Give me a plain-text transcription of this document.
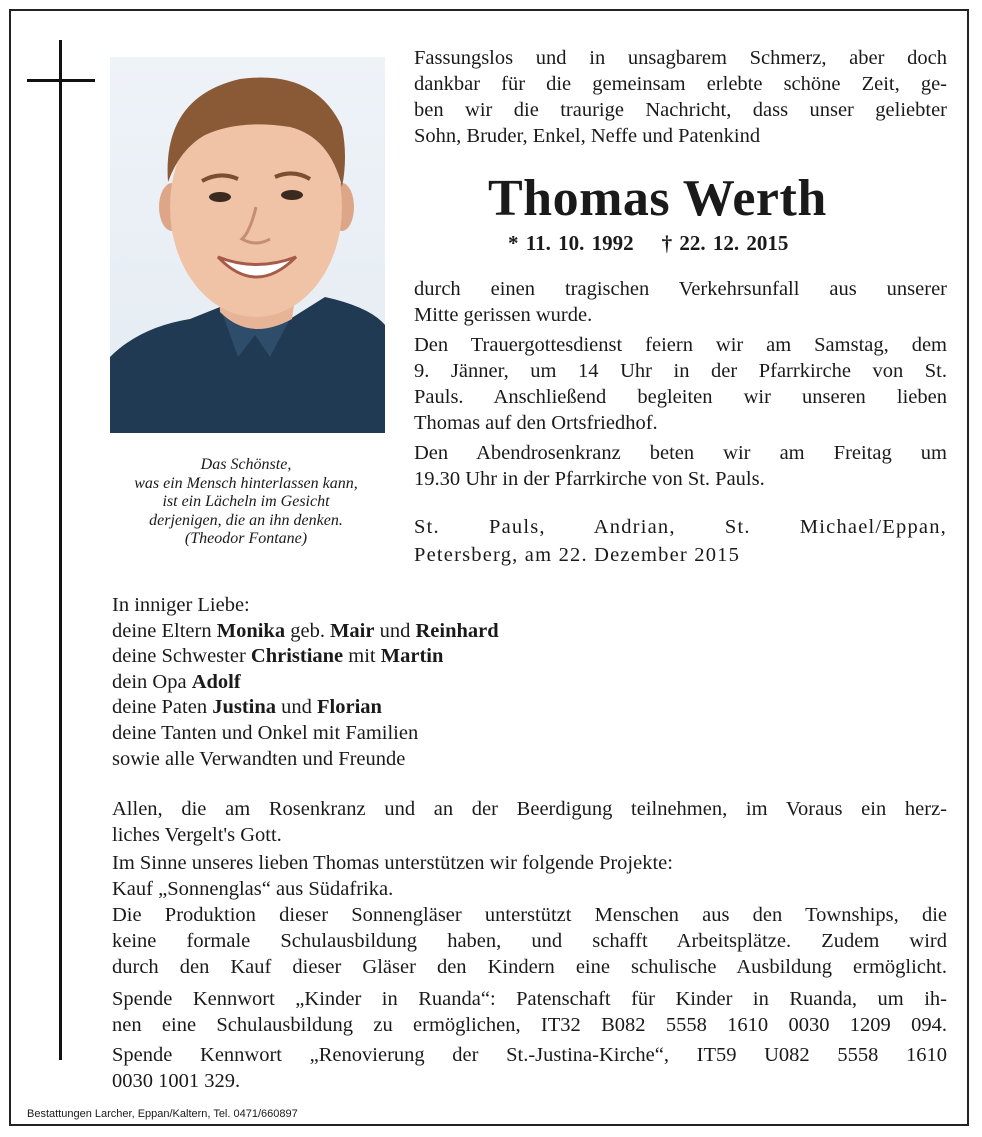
Das Schönste,
was ein Mensch hinterlassen kann,
ist ein Lächeln im Gesicht
derjenigen, die an ihn denken.
(Theodor Fontane)
Fassungslos und in unsagbarem Schmerz, aber doch
dankbar für die gemeinsam erlebte schöne Zeit, ge-
ben wir die traurige Nachricht, dass unser geliebter
Sohn, Bruder, Enkel, Neffe und Patenkind
Thomas Werth
* 11. 10. 1992 † 22. 12. 2015
durch einen tragischen Verkehrsunfall aus unserer
Mitte gerissen wurde.
Den Trauergottesdienst feiern wir am Samstag, dem
9. Jänner, um 14 Uhr in der Pfarrkirche von St.
Pauls. Anschließend begleiten wir unseren lieben
Thomas auf den Ortsfriedhof.
Den Abendrosenkranz beten wir am Freitag um
19.30 Uhr in der Pfarrkirche von St. Pauls.
St. Pauls, Andrian, St. Michael/Eppan,
Petersberg, am 22. Dezember 2015
In inniger Liebe:
deine Eltern Monika geb. Mair und Reinhard
deine Schwester Christiane mit Martin
dein Opa Adolf
deine Paten Justina und Florian
deine Tanten und Onkel mit Familien
sowie alle Verwandten und Freunde
Allen, die am Rosenkranz und an der Beerdigung teilnehmen, im Voraus ein herz-
liches Vergelt's Gott.
Im Sinne unseres lieben Thomas unterstützen wir folgende Projekte:
Kauf „Sonnenglas“ aus Südafrika.
Die Produktion dieser Sonnengläser unterstützt Menschen aus den Townships, die
keine formale Schulausbildung haben, und schafft Arbeitsplätze. Zudem wird
durch den Kauf dieser Gläser den Kindern eine schulische Ausbildung ermöglicht.
Spende Kennwort „Kinder in Ruanda“: Patenschaft für Kinder in Ruanda, um ih-
nen eine Schulausbildung zu ermöglichen, IT32 B082 5558 1610 0030 1209 094.
Spende Kennwort „Renovierung der St.-Justina-Kirche“, IT59 U082 5558 1610
0030 1001 329.
Bestattungen Larcher, Eppan/Kaltern, Tel. 0471/660897
